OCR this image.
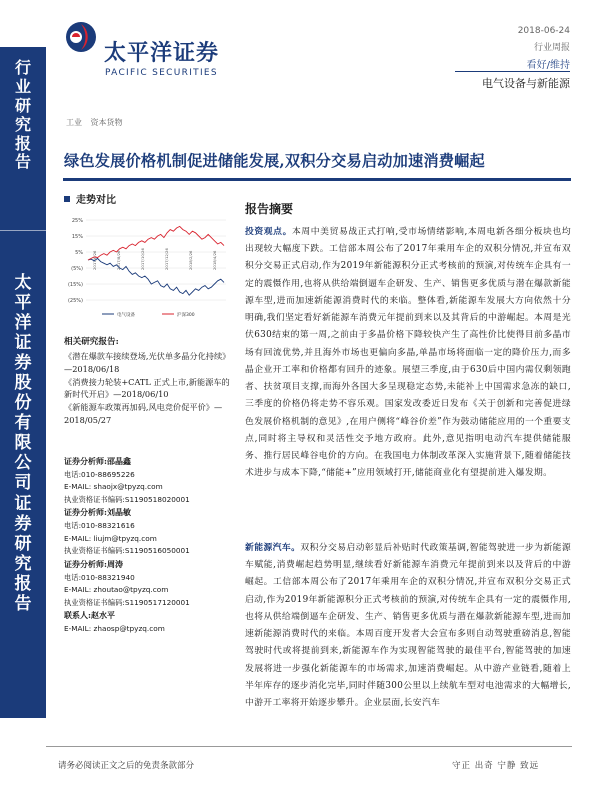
行
业
研
究
报
告
太
平
洋
证
券
股
份
有
限
公
司
证
券
研
究
报
告
太平洋证券
PACIFIC SECURITIES
2018-06-24
行业周报
看好/维持
电气设备与新能源
工业 资本货物
绿色发展价格机制促进储能发展,双积分交易启动加速消费崛起
走势对比
25%
15%
5%
(5%)
(15%)
(25%)
2017/6/26	2017/8/26	2017/10/26	2017/12/26	2018/2/26	2018/4/26
电气设备	沪深300
相关研究报告:
《潜在爆款车接续登场,光伏单多晶分化持续》—2018/06/18
《消费接力轮装+CATL 正式上市,新能源车的新时代开启》—2018/06/10
《新能源车政策再加码,风电竞价促平价》—2018/05/27
证券分析师:邵晶鑫
电话:010-88695226
E-MAIL: shaojx@tpyzq.com
执业资格证书编码:S1190518020001
证券分析师:刘晶敏
电话:010-88321616
E-MAIL: liujm@tpyzq.com
执业资格证书编码:S1190516050001
证券分析师:周涛
电话:010-88321940
E-MAIL: zhoutao@tpyzq.com
执业资格证书编码:S1190517120001
联系人:赵水平
E-MAIL: zhaosp@tpyzq.com
报告摘要
投资观点。本周中美贸易战正式打响,受市场情绪影响,本周电新各细分板块也均出现较大幅度下跌。工信部本周公布了2017年乘用车企的双积分情况,并宣布双积分交易正式启动,作为2019年新能源积分正式考核前的预演,对传统车企具有一定的震慑作用,也将从供给端倒逼车企研发、生产、销售更多优质与潜在爆款新能源车型,进而加速新能源消费时代的来临。整体看,新能源车发展大方向依然十分明确,我们坚定看好新能源车消费元年提前到来以及其背后的中游崛起。本周是光伏630结束的第一周,之前由于多晶价格下降较快产生了高性价比使得目前多晶市场有回流优势,并且海外市场也更偏向多晶,单晶市场将面临一定的降价压力,而多晶企业开工率和价格都有回升的迹象。展望三季度,由于630后中国内需仅剩领跑者、扶贫项目支撑,而海外各国大多呈现稳定态势,未能补上中国需求急冻的缺口,三季度的价格仍将走势不容乐观。国家发改委近日发布《关于创新和完善促进绿色发展价格机制的意见》,在用户侧将“峰谷价差”作为鼓动储能应用的一个重要支点,同时将主导权和灵活性交予地方政府。此外,意见指明电动汽车提供储能服务、推行居民峰谷电价的方向。在我国电力体制改革深入实施背景下,随着储能技术进步与成本下降,“储能+”应用领域打开,储能商业化有望提前进入爆发期。
新能源汽车。双积分交易启动彰显后补贴时代政策基调,智能驾驶进一步为新能源车赋能,消费崛起趋势明显,继续看好新能源车消费元年提前到来以及背后的中游崛起。工信部本周公布了2017年乘用车企的双积分情况,并宣布双积分交易正式启动,作为2019年新能源积分正式考核前的预演,对传统车企具有一定的震慑作用,也将从供给端倒逼车企研发、生产、销售更多优质与潜在爆款新能源车型,进而加速新能源消费时代的来临。本周百度开发者大会宣布多则自动驾驶重磅消息,智能驾驶时代或将提前到来,新能源车作为实现智能驾驶的最佳平台,智能驾驶的加速发展将进一步强化新能源车的市场需求,加速消费崛起。从中游产业链看,随着上半年库存的逐步消化完毕,同时伴随300公里以上续航车型对电池需求的大幅增长,中游开工率将开始逐步攀升。企业层面,长安汽车
请务必阅读正文之后的免责条款部分	守正 出奇 宁静 致远
